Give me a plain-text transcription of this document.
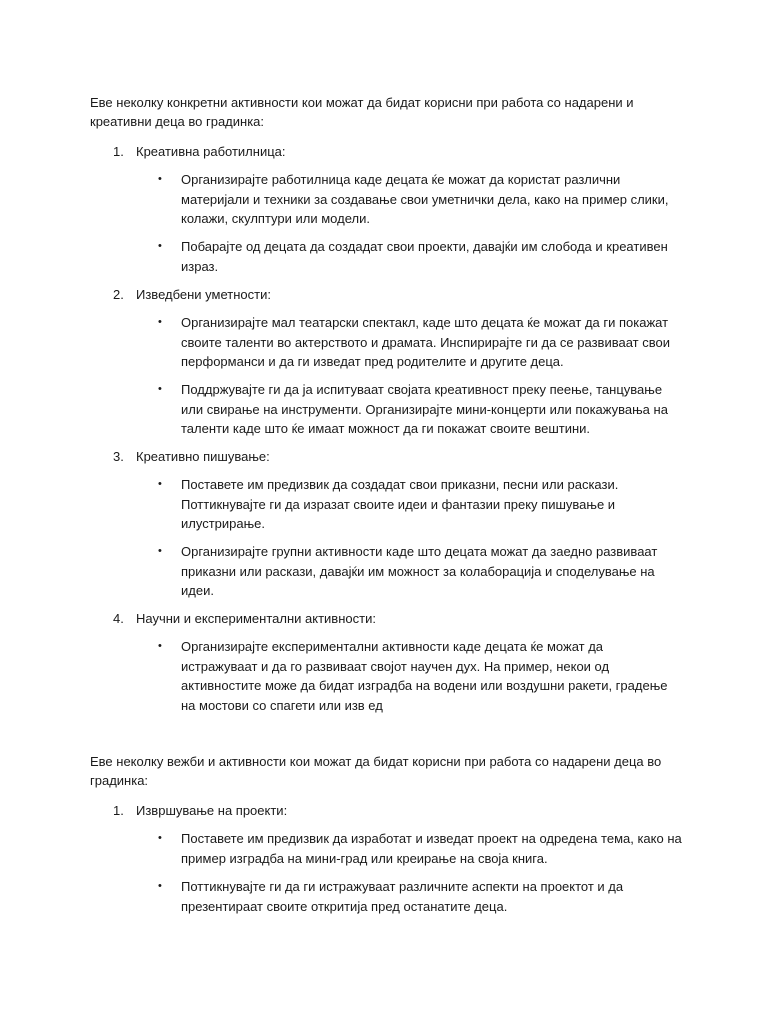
Еве неколку конкретни активности кои можат да бидат корисни при работа со надарени и креативни деца во градинка:

1. Креативна работилница:

•	Организирајте работилница каде децата ќе можат да користат различни материјали и техники за создавање свои уметнички дела, како на пример слики, колажи, скулптури или модели.
•	Побарајте од децата да создадат свои проекти, давајќи им слобода и креативен израз.

2. Изведбени уметности:

•	Организирајте мал театарски спектакл, каде што децата ќе можат да ги покажат своите таленти во актерството и драмата. Инспирирајте ги да се развиваат свои перформанси и да ги изведат пред родителите и другите деца.
•	Поддржувајте ги да ја испитуваат својата креативност преку пеење, танцување или свирање на инструменти. Организирајте мини-концерти или покажувања на таленти каде што ќе имаат можност да ги покажат своите вештини.

3. Креативно пишување:

•	Поставете им предизвик да создадат свои приказни, песни или раскази. Поттикнувајте ги да изразат своите идеи и фантазии преку пишување и илустрирање.
•	Организирајте групни активности каде што децата можат да заедно развиваат приказни или раскази, давајќи им можност за колаборација и споделување на идеи.

4. Научни и експериментални активности:

•	Организирајте експериментални активности каде децата ќе можат да истражуваат и да го развиваат својот научен дух. На пример, некои од активностите може да бидат изградба на водени или воздушни ракети, градење на мостови со спагети или изв ед

Еве неколку вежби и активности кои можат да бидат корисни при работа со надарени деца во градинка:

1. Извршување на проекти:

•	Поставете им предизвик да изработат и изведат проект на одредена тема, како на пример изградба на мини-град или креирање на своја книга.
•	Поттикнувајте ги да ги истражуваат различните аспекти на проектот и да презентираат своите откритија пред останатите деца.
